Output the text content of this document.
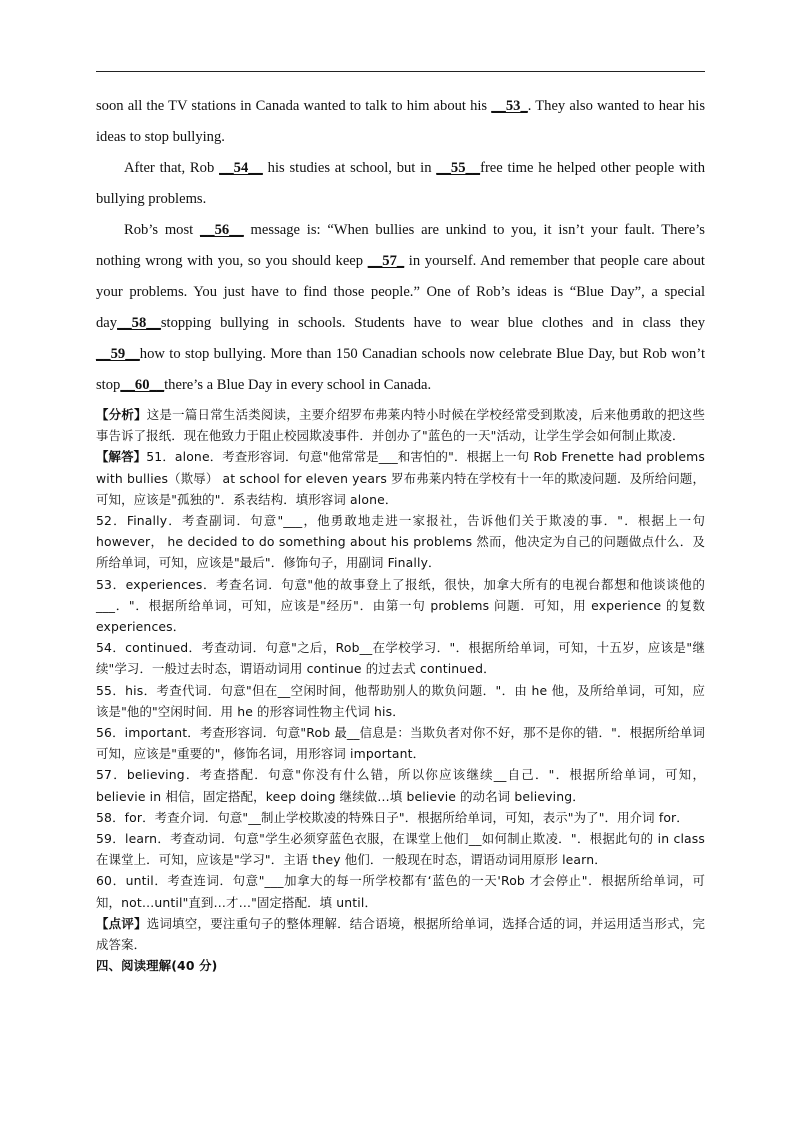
soon all the TV stations in Canada wanted to talk to him about his __53_. They also wanted to hear his ideas to stop bullying.

After that, Rob __54__ his studies at school, but in __55__free time he helped other people with bullying problems.

Rob’s most __56__ message is: “When bullies are unkind to you, it isn’t your fault. There’s nothing wrong with you, so you should keep __57_ in yourself. And remember that people care about your problems. You just have to find those people.” One of Rob’s ideas is “Blue Day”, a special day__58__stopping bullying in schools. Students have to wear blue clothes and in class they __59__how to stop bullying. More than 150 Canadian schools now celebrate Blue Day, but Rob won’t stop__60__there’s a Blue Day in every school in Canada.

【分析】这是一篇日常生活类阅读，主要介绍罗布弗莱内特小时候在学校经常受到欺凌，后来他勇敢的把这些事告诉了报纸．现在他致力于阻止校园欺凌事件．并创办了"蓝色的一天"活动，让学生学会如何制止欺凌．

【解答】51．alone．考查形容词．句意"他常常是___和害怕的"．根据上一句 Rob Frenette had problems with bullies（欺辱） at school for eleven years 罗布弗莱内特在学校有十一年的欺凌问题．及所给问题，可知，应该是"孤独的"．系表结构．填形容词 alone．

52．Finally．考查副词．句意"___，他勇敢地走进一家报社，告诉他们关于欺凌的事．"．根据上一句 however， he decided to do something about his problems 然而，他决定为自己的问题做点什么．及所给单词，可知，应该是"最后"．修饰句子，用副词 Finally．

53．experiences．考查名词．句意"他的故事登上了报纸，很快，加拿大所有的电视台都想和他谈谈他的___．"．根据所给单词，可知，应该是"经历"．由第一句 problems 问题．可知，用 experience 的复数 experiences．

54．continued．考查动词．句意"之后，Rob__在学校学习．"．根据所给单词，可知，十五岁，应该是"继续"学习．一般过去时态，谓语动词用 continue 的过去式 continued．

55．his．考查代词．句意"但在__空闲时间，他帮助别人的欺负问题．"．由 he 他，及所给单词，可知，应该是"他的"空闲时间．用 he 的形容词性物主代词 his．

56．important．考查形容词．句意"Rob 最__信息是：当欺负者对你不好，那不是你的错．"．根据所给单词可知，应该是"重要的"，修饰名词，用形容词 important．

57．believing．考查搭配．句意"你没有什么错，所以你应该继续__自己．"．根据所给单词，可知，believie in 相信，固定搭配，keep doing 继续做…填 believie 的动名词 believing．

58．for．考查介词．句意"__制止学校欺凌的特殊日子"．根据所给单词，可知，表示"为了"．用介词 for．

59．learn．考查动词．句意"学生必须穿蓝色衣服，在课堂上他们__如何制止欺凌．"．根据此句的 in class 在课堂上．可知，应该是"学习"．主语 they 他们．一般现在时态，谓语动词用原形 learn．

60．until．考查连词．句意"___加拿大的每一所学校都有‘蓝色的一天'Rob 才会停止"．根据所给单词，可知，not…until"直到…才…"固定搭配．填 until．

【点评】选词填空，要注重句子的整体理解．结合语境，根据所给单词，选择合适的词，并运用适当形式，完成答案．

四、阅读理解(40 分)
